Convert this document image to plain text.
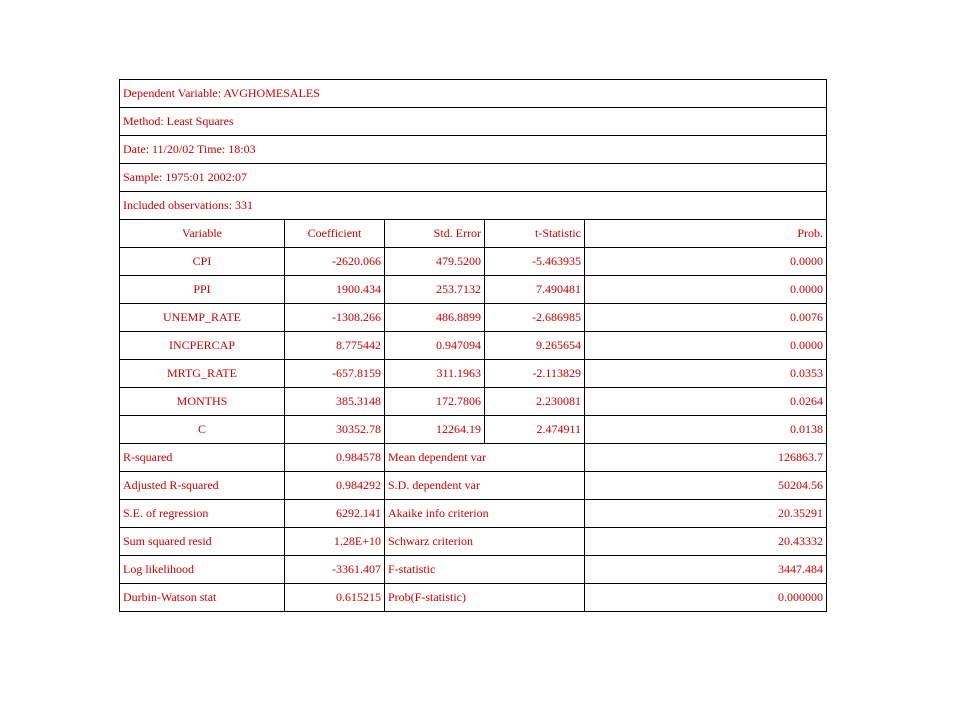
Dependent Variable: AVGHOMESALES				
Method: Least Squares				
Date: 11/20/02 Time: 18:03				
Sample: 1975:01 2002:07				
Included observations: 331				
Variable	Coefficient	Std. Error	t-Statistic	Prob.
CPI	-2620.066	479.5200	-5.463935	0.0000
PPI	1900.434	253.7132	7.490481	0.0000
UNEMP_RATE	-1308.266	486.8899	-2.686985	0.0076
INCPERCAP	8.775442	0.947094	9.265654	0.0000
MRTG_RATE	-657.8159	311.1963	-2.113829	0.0353
MONTHS	385.3148	172.7806	2.230081	0.0264
C	30352.78	12264.19	2.474911	0.0138
R-squared	0.984578	Mean dependent var		126863.7
Adjusted R-squared	0.984292	S.D. dependent var		50204.56
S.E. of regression	6292.141	Akaike info criterion		20.35291
Sum squared resid	1.28E+10	Schwarz criterion		20.43332
Log likelihood	-3361.407	F-statistic		3447.484
Durbin-Watson stat	0.615215	Prob(F-statistic)		0.000000
